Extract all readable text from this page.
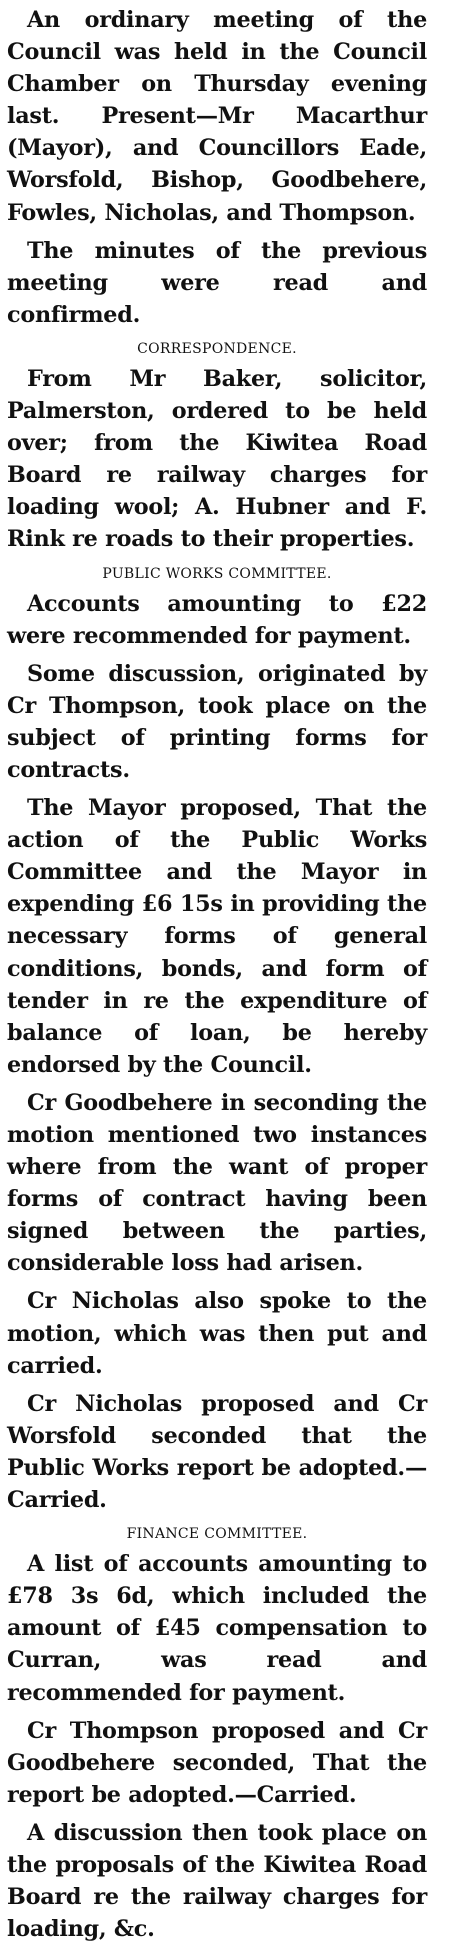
An ordinary meeting of the Council was held in the Council Chamber on Thursday evening last. Present—Mr Macarthur (Mayor), and Councillors Eade, Worsfold, Bishop, Goodbehere, Fowles, Nicholas, and Thompson.

The minutes of the previous meeting were read and confirmed.

CORRESPONDENCE.

From Mr Baker, solicitor, Palmerston, ordered to be held over; from the Kiwitea Road Board re railway charges for loading wool; A. Hubner and F. Rink re roads to their properties.

PUBLIC WORKS COMMITTEE.

Accounts amounting to £22 were recommended for payment.

Some discussion, originated by Cr Thompson, took place on the subject of printing forms for contracts.

The Mayor proposed, That the action of the Public Works Committee and the Mayor in expending £6 15s in providing the necessary forms of general conditions, bonds, and form of tender in re the expenditure of balance of loan, be hereby endorsed by the Council.

Cr Goodbehere in seconding the motion mentioned two instances where from the want of proper forms of contract having been signed between the parties, considerable loss had arisen.

Cr Nicholas also spoke to the motion, which was then put and carried.

Cr Nicholas proposed and Cr Worsfold seconded that the Public Works report be adopted.—Carried.

FINANCE COMMITTEE.

A list of accounts amounting to £78 3s 6d, which included the amount of £45 compensation to Curran, was read and recommended for payment.

Cr Thompson proposed and Cr Goodbehere seconded, That the report be adopted.—Carried.

A discussion then took place on the proposals of the Kiwitea Road Board re the railway charges for loading, &c.
